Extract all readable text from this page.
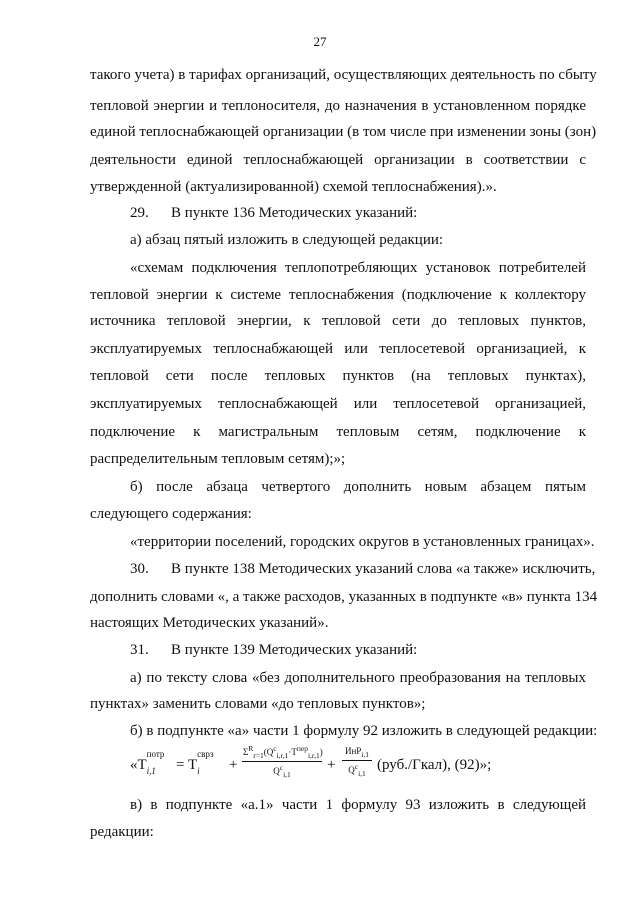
27
такого учета) в тарифах организаций, осуществляющих деятельность по сбыту
тепловой энергии и теплоносителя, до назначения в установленном порядке
единой теплоснабжающей организации (в том числе при изменении зоны (зон)
деятельности единой теплоснабжающей организации в соответствии с
утвержденной (актуализированной) схемой теплоснабжения).».
29. В пункте 136 Методических указаний:
а) абзац пятый изложить в следующей редакции:
«схемам подключения теплопотребляющих установок потребителей
тепловой энергии к системе теплоснабжения (подключение к коллектору
источника тепловой энергии, к тепловой сети до тепловых пунктов,
эксплуатируемых теплоснабжающей или теплосетевой организацией, к
тепловой сети после тепловых пунктов (на тепловых пунктах),
эксплуатируемых теплоснабжающей или теплосетевой организацией,
подключение к магистральным тепловым сетям, подключение к
распределительным тепловым сетям);»;
б) после абзаца четвертого дополнить новым абзацем пятым
следующего содержания:
«территории поселений, городских округов в установленных границах».
30. В пункте 138 Методических указаний слова «а также» исключить,
дополнить словами «, а также расходов, указанных в подпункте «в» пункта 134
настоящих Методических указаний».
31. В пункте 139 Методических указаний:
а) по тексту слова «без дополнительного преобразования на тепловых
пунктах» заменить словами «до тепловых пунктов»;
б) в подпункте «а» части 1 формулу 92 изложить в следующей редакции:
«T
потр
i,1 = T
сврз
i +
$\Sigma^R_{r=1}(Q^c_{i,r,1}\cdot T^{пер}_{i,r,1})$
$Q^c_{i,1}$
+
ИнР$_{i,1}$
$Q^c_{i,1}$
(руб./Гкал), (92)»;
в) в подпункте «а.1» части 1 формулу 93 изложить в следующей
редакции:
